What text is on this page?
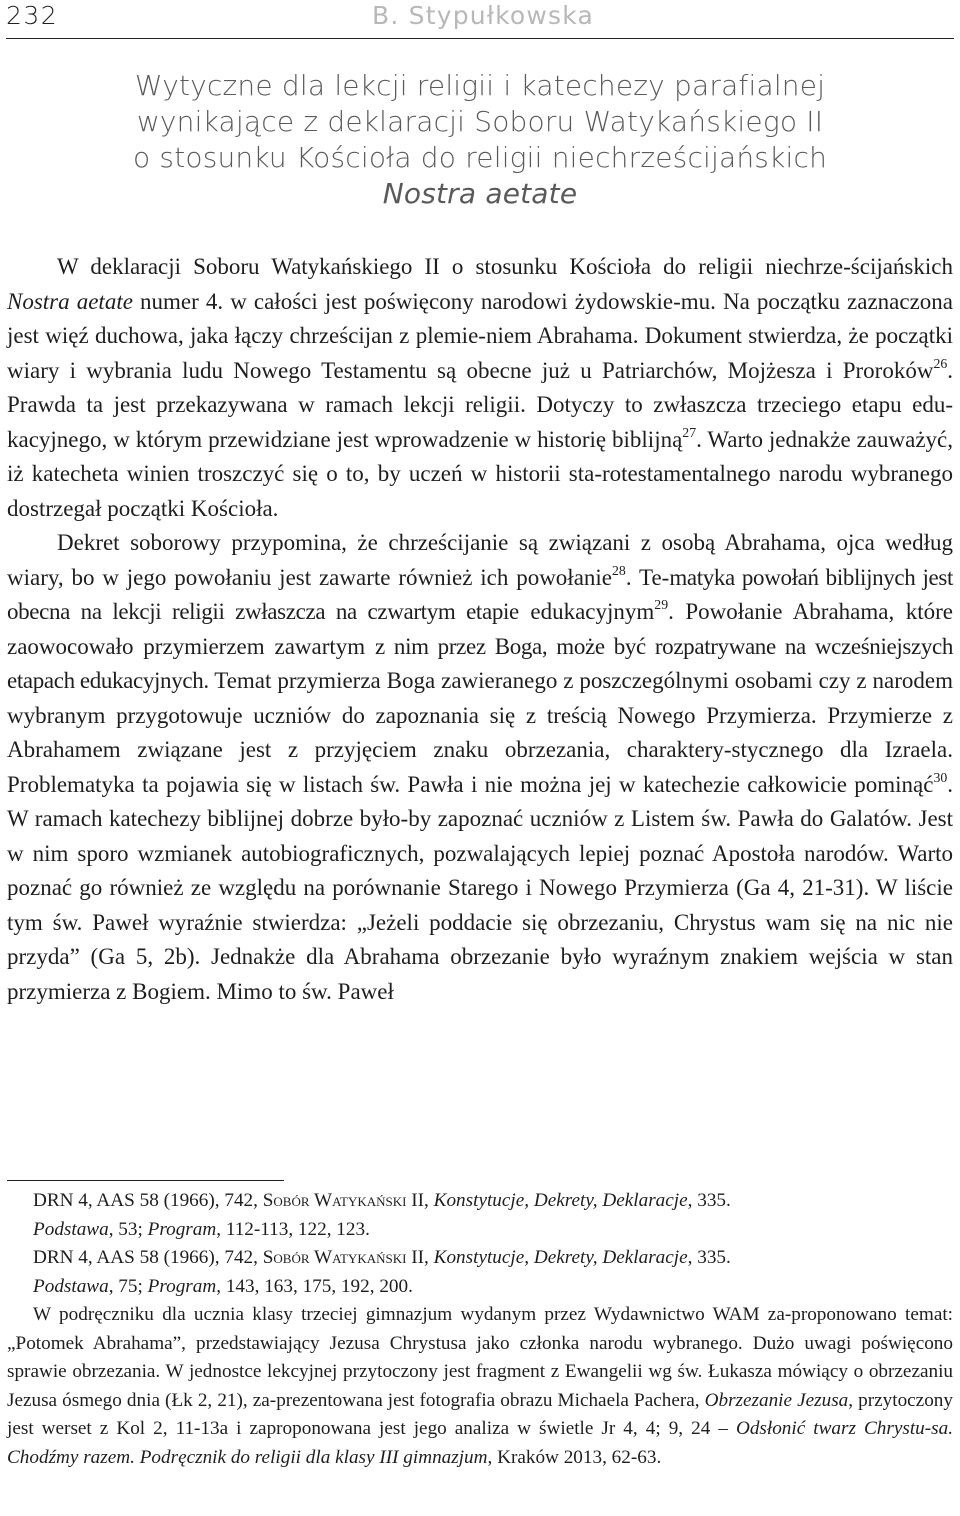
232	B. Stypułkowska
Wytyczne dla lekcji religii i katechezy parafialnej
wynikające z deklaracji Soboru Watykańskiego II
o stosunku Kościoła do religii niechrześcijańskich
Nostra aetate

W deklaracji Soboru Watykańskiego II o stosunku Kościoła do religii niechrze-ścijańskich Nostra aetate numer 4. w całości jest poświęcony narodowi żydowskie-mu. Na początku zaznaczona jest więź duchowa, jaka łączy chrześcijan z plemie-niem Abrahama. Dokument stwierdza, że początki wiary i wybrania ludu Nowego Testamentu są obecne już u Patriarchów, Mojżesza i Proroków$^{26}$. Prawda ta jest przekazywana w ramach lekcji religii. Dotyczy to zwłaszcza trzeciego etapu edu-kacyjnego, w którym przewidziane jest wprowadzenie w historię biblijną$^{27}$. Warto jednakże zauważyć, iż katecheta winien troszczyć się o to, by uczeń w historii sta-rotestamentalnego narodu wybranego dostrzegał początki Kościoła.

Dekret soborowy przypomina, że chrześcijanie są związani z osobą Abrahama, ojca według wiary, bo w jego powołaniu jest zawarte również ich powołanie$^{28}$. Te-matyka powołań biblijnych jest obecna na lekcji religii zwłaszcza na czwartym etapie edukacyjnym$^{29}$. Powołanie Abrahama, które zaowocowało przymierzem zawartym z nim przez Boga, może być rozpatrywane na wcześniejszych etapach edukacyjnych. Temat przymierza Boga zawieranego z poszczególnymi osobami czy z narodem wybranym przygotowuje uczniów do zapoznania się z treścią Nowego Przymierza. Przymierze z Abrahamem związane jest z przyjęciem znaku obrzezania, charaktery-stycznego dla Izraela. Problematyka ta pojawia się w listach św. Pawła i nie można jej w katechezie całkowicie pominąć$^{30}$. W ramach katechezy biblijnej dobrze było-by zapoznać uczniów z Listem św. Pawła do Galatów. Jest w nim sporo wzmianek autobiograficznych, pozwalających lepiej poznać Apostoła narodów. Warto poznać go również ze względu na porównanie Starego i Nowego Przymierza (Ga 4, 21-31). W liście tym św. Paweł wyraźnie stwierdza: „Jeżeli poddacie się obrzezaniu, Chrystus wam się na nic nie przyda” (Ga 5, 2b). Jednakże dla Abrahama obrzezanie było wyraźnym znakiem wejścia w stan przymierza z Bogiem. Mimo to św. Paweł

DRN 4, AAS 58 (1966), 742, Sobór Watykański II, Konstytucje, Dekrety, Deklaracje, 335.

Podstawa, 53; Program, 112-113, 122, 123.

DRN 4, AAS 58 (1966), 742, Sobór Watykański II, Konstytucje, Dekrety, Deklaracje, 335.

Podstawa, 75; Program, 143, 163, 175, 192, 200.

W podręczniku dla ucznia klasy trzeciej gimnazjum wydanym przez Wydawnictwo WAM za-proponowano temat: „Potomek Abrahama”, przedstawiający Jezusa Chrystusa jako członka narodu wybranego. Dużo uwagi poświęcono sprawie obrzezania. W jednostce lekcyjnej przytoczony jest fragment z Ewangelii wg św. Łukasza mówiący o obrzezaniu Jezusa ósmego dnia (Łk 2, 21), za-prezentowana jest fotografia obrazu Michaela Pachera, Obrzezanie Jezusa, przytoczony jest werset z Kol 2, 11-13a i zaproponowana jest jego analiza w świetle Jr 4, 4; 9, 24 – Odsłonić twarz Chrystu-sa. Chodźmy razem. Podręcznik do religii dla klasy III gimnazjum, Kraków 2013, 62-63.
